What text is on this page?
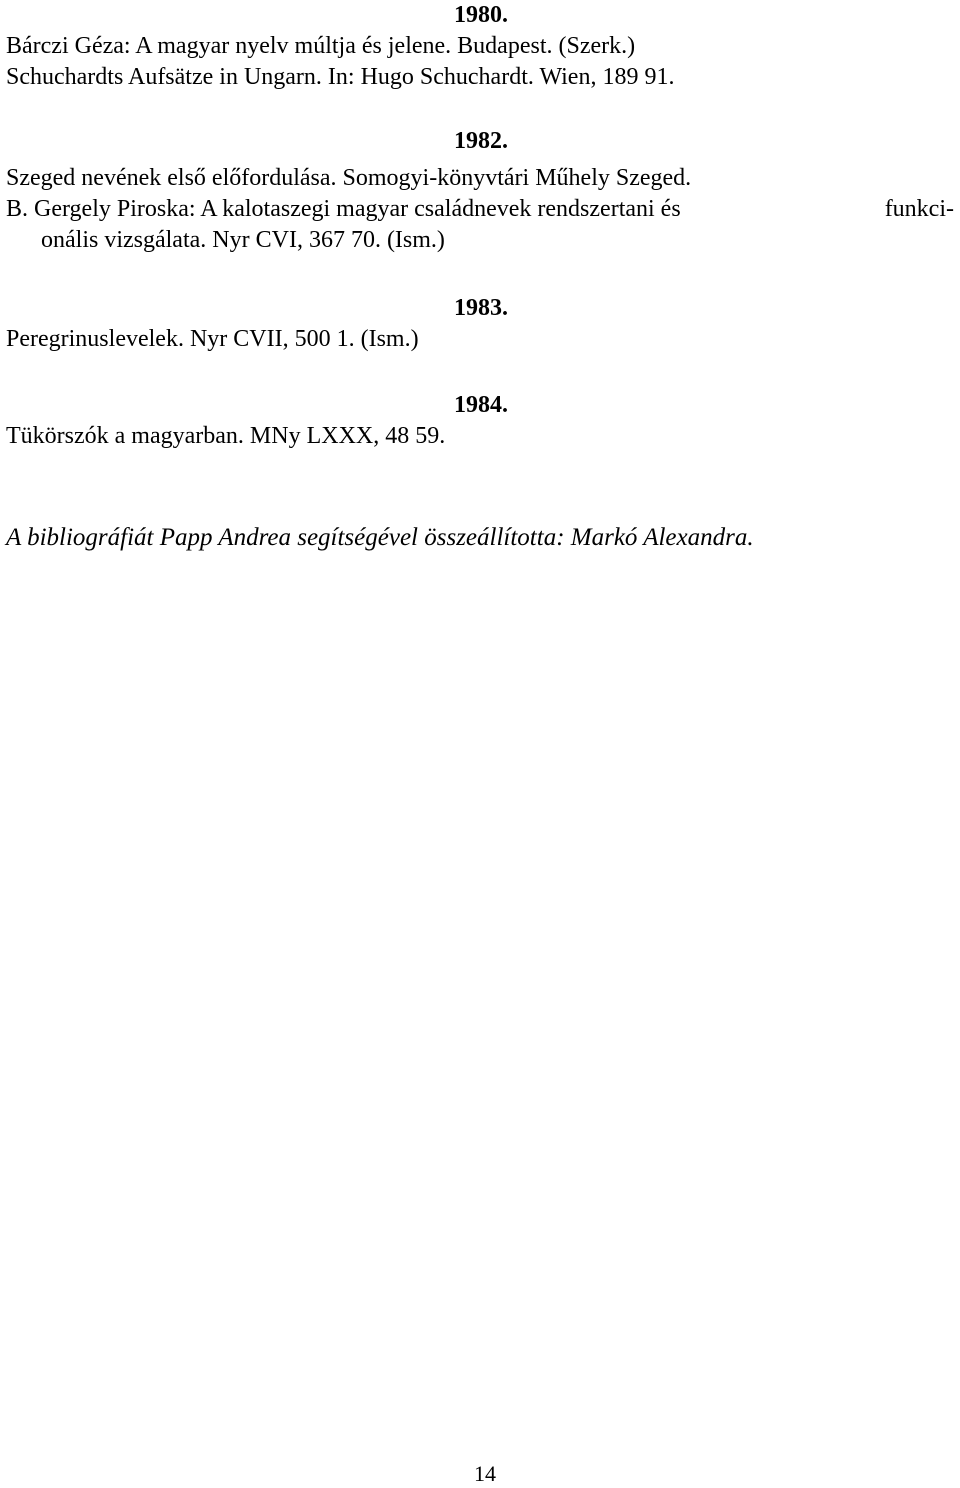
1980.
Bárczi Géza: A magyar nyelv múltja és jelene. Budapest. (Szerk.)
Schuchardts Aufsätze in Ungarn. In: Hugo Schuchardt. Wien, 189 91.
1982.
Szeged nevének első előfordulása. Somogyi-könyvtári Műhely Szeged.
B. Gergely Piroska: A kalotaszegi magyar családnevek rendszertani és	funkci-
onális vizsgálata. Nyr CVI, 367 70. (Ism.)
1983.
Peregrinuslevelek. Nyr CVII, 500 1. (Ism.)
1984.
Tükörszók a magyarban. MNy LXXX, 48 59.
A bibliográfiát Papp Andrea segítségével összeállította: Markó Alexandra.
14
